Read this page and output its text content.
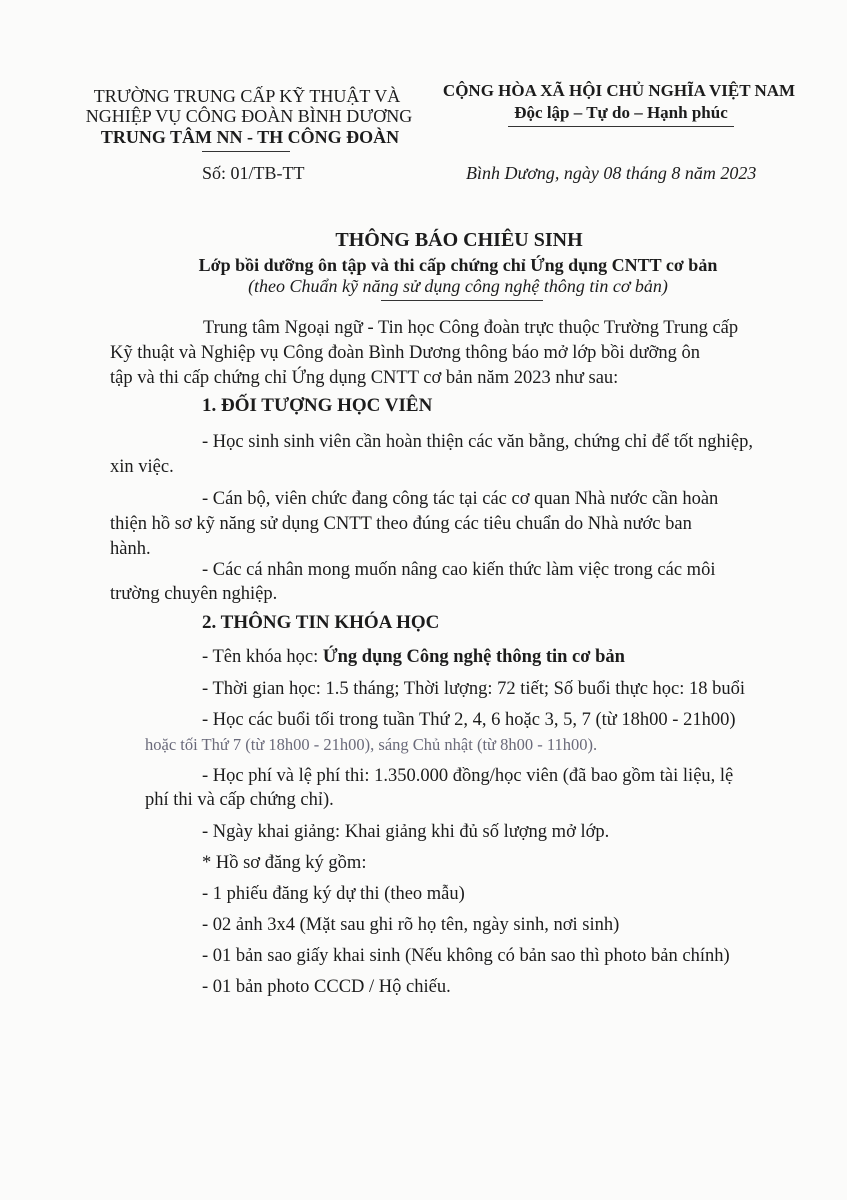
TRƯỜNG TRUNG CẤP KỸ THUẬT VÀ
NGHIỆP VỤ CÔNG ĐOÀN BÌNH DƯƠNG
TRUNG TÂM NN - TH CÔNG ĐOÀN
CỘNG HÒA XÃ HỘI CHỦ NGHĨA VIỆT NAM
Độc lập – Tự do – Hạnh phúc
Số: 01/TB-TT	Bình Dương, ngày 08 tháng 8 năm 2023
THÔNG BÁO CHIÊU SINH
Lớp bồi dưỡng ôn tập và thi cấp chứng chỉ Ứng dụng CNTT cơ bản
(theo Chuẩn kỹ năng sử dụng công nghệ thông tin cơ bản)
Trung tâm Ngoại ngữ - Tin học Công đoàn trực thuộc Trường Trung cấp
Kỹ thuật và Nghiệp vụ Công đoàn Bình Dương thông báo mở lớp bồi dưỡng ôn
tập và thi cấp chứng chỉ Ứng dụng CNTT cơ bản năm 2023 như sau:
1. ĐỐI TƯỢNG HỌC VIÊN
- Học sinh sinh viên cần hoàn thiện các văn bằng, chứng chỉ để tốt nghiệp,
xin việc.
- Cán bộ, viên chức đang công tác tại các cơ quan Nhà nước cần hoàn
thiện hồ sơ kỹ năng sử dụng CNTT theo đúng các tiêu chuẩn do Nhà nước ban
hành.
- Các cá nhân mong muốn nâng cao kiến thức làm việc trong các môi
trường chuyên nghiệp.
2. THÔNG TIN KHÓA HỌC
- Tên khóa học: Ứng dụng Công nghệ thông tin cơ bản
- Thời gian học: 1.5 tháng; Thời lượng: 72 tiết; Số buổi thực học: 18 buổi
- Học các buổi tối trong tuần Thứ 2, 4, 6 hoặc 3, 5, 7 (từ 18h00 - 21h00)
hoặc tối Thứ 7 (từ 18h00 - 21h00), sáng Chủ nhật (từ 8h00 - 11h00).
- Học phí và lệ phí thi: 1.350.000 đồng/học viên (đã bao gồm tài liệu, lệ
phí thi và cấp chứng chỉ).
- Ngày khai giảng: Khai giảng khi đủ số lượng mở lớp.
* Hồ sơ đăng ký gồm:
- 1 phiếu đăng ký dự thi (theo mẫu)
- 02 ảnh 3x4 (Mặt sau ghi rõ họ tên, ngày sinh, nơi sinh)
- 01 bản sao giấy khai sinh (Nếu không có bản sao thì photo bản chính)
- 01 bản photo CCCD / Hộ chiếu.
